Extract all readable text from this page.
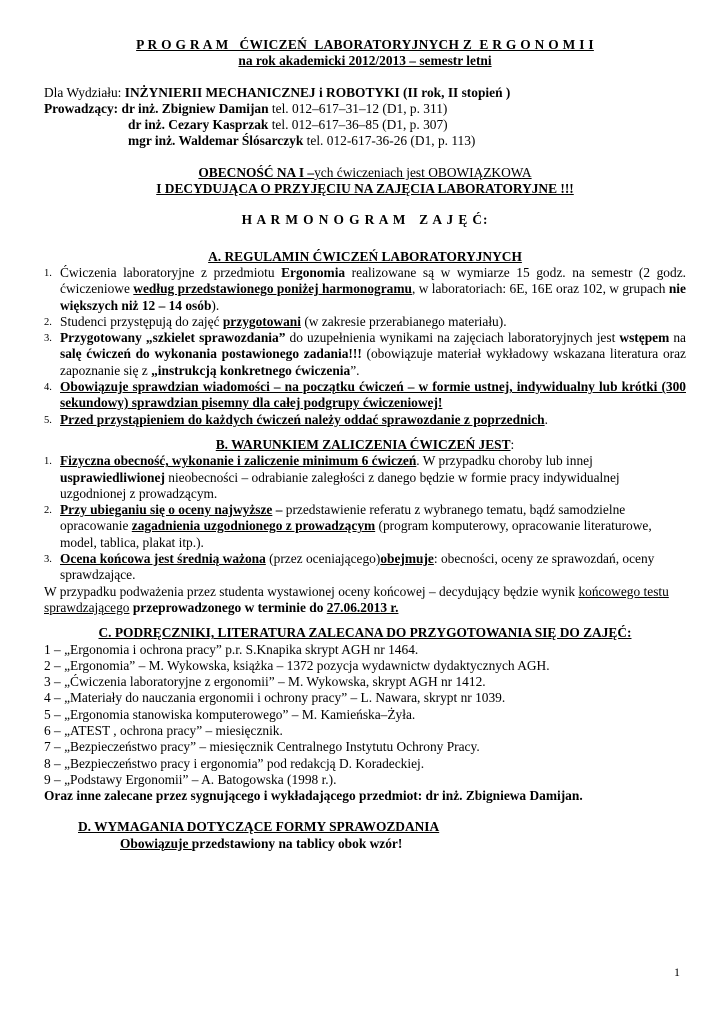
P R O G R A M   ĆWICZEŃ  LABORATORYJNYCH Z  E R G O N O M I I

na rok akademicki 2012/2013 – semestr letni

Dla Wydziału: INŻYNIERII MECHANICZNEJ i ROBOTYKI (II rok, II stopień )

Prowadzący: dr inż. Zbigniew Damijan tel. 012–617–31–12 (D1, p. 311)

dr inż. Cezary Kasprzak tel. 012–617–36–85 (D1, p. 307)

mgr inż. Waldemar Ślósarczyk tel. 012-617-36-26 (D1, p. 113)

OBECNOŚĆ NA I –ych ćwiczeniach jest OBOWIĄZKOWA

I DECYDUJĄCA O PRZYJĘCIU NA ZAJĘCIA LABORATORYJNE !!!

H A R M O N O G R A M   Z A J Ę Ć:

A. REGULAMIN ĆWICZEŃ LABORATORYJNYCH

1. Ćwiczenia laboratoryjne z przedmiotu Ergonomia realizowane są w wymiarze 15 godz. na semestr (2 godz. ćwiczeniowe według przedstawionego poniżej harmonogramu, w laboratoriach: 6E, 16E oraz 102, w grupach nie większych niż 12 – 14 osób).
2. Studenci przystępują do zajęć przygotowani (w zakresie przerabianego materiału).
3. Przygotowany „szkielet sprawozdania” do uzupełnienia wynikami na zajęciach laboratoryjnych jest wstępem na salę ćwiczeń do wykonania postawionego zadania!!! (obowiązuje materiał wykładowy wskazana literatura oraz zapoznanie się z „instrukcją konkretnego ćwiczenia”.
4. Obowiązuje sprawdzian wiadomości – na początku ćwiczeń – w formie ustnej, indywidualny lub krótki (300 sekundowy) sprawdzian pisemny dla całej podgrupy ćwiczeniowej!
5. Przed przystąpieniem do każdych ćwiczeń należy oddać sprawozdanie z poprzednich.

B. WARUNKIEM ZALICZENIA ĆWICZEŃ JEST:

1. Fizyczna obecność, wykonanie i zaliczenie minimum 6 ćwiczeń. W przypadku choroby lub innej usprawiedliwionej nieobecności – odrabianie zaległości z danego będzie w formie pracy indywidualnej uzgodnionej z prowadzącym.
2. Przy ubieganiu się o oceny najwyższe – przedstawienie referatu z wybranego tematu, bądź samodzielne opracowanie zagadnienia uzgodnionego z prowadzącym (program komputerowy, opracowanie literaturowe, model, tablica, plakat itp.).
3. Ocena końcowa jest średnią ważona (przez oceniającego)obejmuje: obecności, oceny ze sprawozdań, oceny sprawdzające.

W przypadku podważenia przez studenta wystawionej oceny końcowej – decydujący będzie wynik końcowego testu sprawdzającego przeprowadzonego w terminie do 27.06.2013 r.

C. PODRĘCZNIKI, LITERATURA ZALECANA DO PRZYGOTOWANIA SIĘ DO ZAJĘĆ:

1 – „Ergonomia i ochrona pracy” p.r. S.Knapika skrypt AGH nr 1464.

2 – „Ergonomia” – M. Wykowska, książka – 1372 pozycja wydawnictw dydaktycznych AGH.

3 – „Ćwiczenia laboratoryjne z ergonomii” – M. Wykowska, skrypt AGH nr 1412.

4 – „Materiały do nauczania ergonomii i ochrony pracy” – L. Nawara, skrypt nr 1039.

5 – „Ergonomia stanowiska komputerowego” – M. Kamieńska–Żyła.

6 – „ATEST , ochrona pracy” – miesięcznik.

7 – „Bezpieczeństwo pracy” – miesięcznik Centralnego Instytutu Ochrony Pracy.

8 – „Bezpieczeństwo pracy i ergonomia” pod redakcją D. Koradeckiej.

9 – „Podstawy Ergonomii” – A. Batogowska (1998 r.).

Oraz inne zalecane przez sygnującego i wykładającego przedmiot: dr inż. Zbigniewa Damijan.

D. WYMAGANIA DOTYCZĄCE FORMY SPRAWOZDANIA

Obowiązuje przedstawiony na tablicy obok wzór!

1
